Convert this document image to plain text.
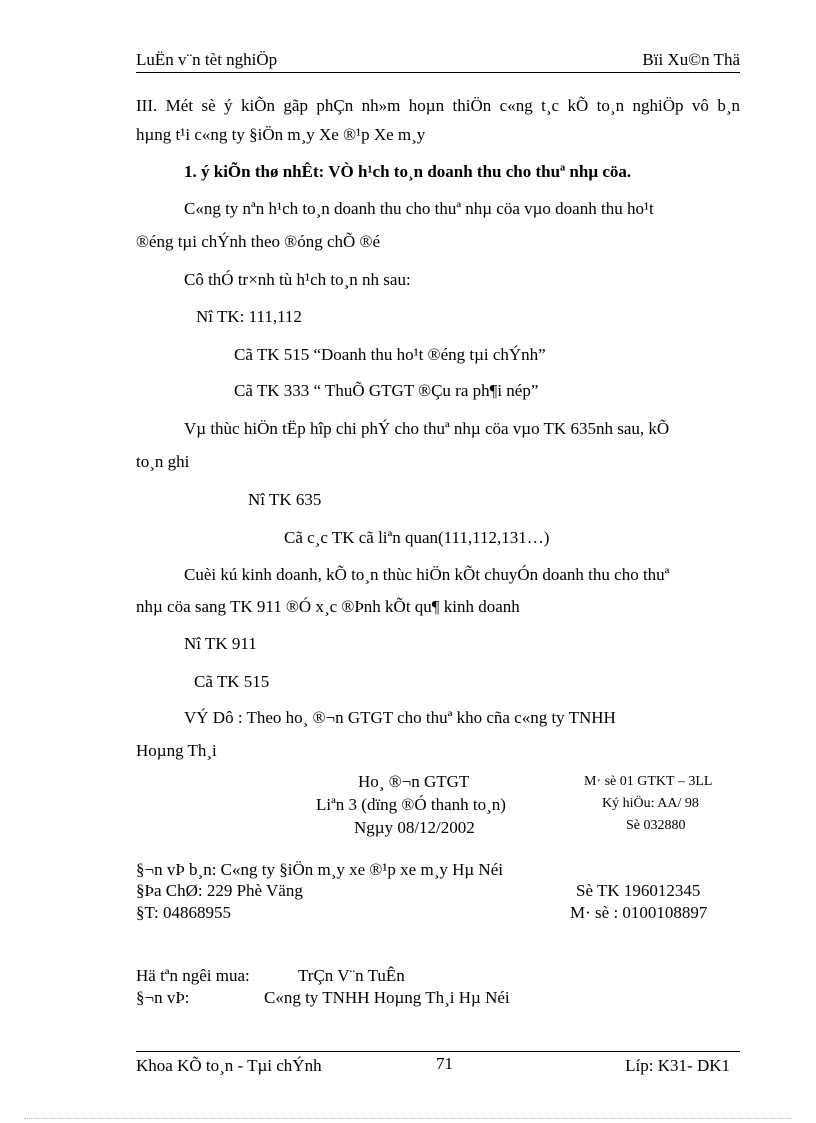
LuËn v¨n tèt nghiÖp	Bïi Xu©n Thä
III. Mét sè ý kiÕn gãp phÇn nh»m hoµn thiÖn c«ng t¸c kÕ to¸n nghiÖp vô b¸n
hµng t¹i c«ng ty §iÖn m¸y Xe ®¹p Xe m¸y
1. ý kiÕn thø nhÊt: VÒ h¹ch to¸n doanh thu cho thuª nhµ cöa.
C«ng ty nªn h¹ch to¸n doanh thu cho thuª nhµ cöa vµo doanh thu ho¹t
®éng tµi chÝnh theo ®óng chÕ ®é
Cô thÓ tr×nh tù h¹ch to¸n nh sau:
Nî TK: 111,112
Cã TK 515 “Doanh thu ho¹t ®éng tµi chÝnh”
Cã TK 333 “ ThuÕ GTGT ®Çu ra ph¶i nép”
Vµ thùc hiÖn tËp hîp chi phÝ cho thuª nhµ cöa vµo TK 635nh sau, kÕ
to¸n ghi
Nî TK 635
Cã c¸c TK cã liªn quan(111,112,131…)
Cuèi kú kinh doanh, kÕ to¸n thùc hiÖn kÕt chuyÓn doanh thu cho thuª
nhµ cöa sang TK 911 ®Ó x¸c ®Þnh kÕt qu¶ kinh doanh
Nî TK 911
Cã TK 515
VÝ Dô : Theo ho¸ ®¬n GTGT cho thuª kho cña c«ng ty TNHH
Hoµng Th¸i
Ho¸ ®¬n GTGT
Liªn 3 (dïng ®Ó thanh to¸n)
Ngµy 08/12/2002
M· sè 01 GTKT – 3LL
Ký hiÖu: AA/ 98
Sè 032880
§¬n vÞ b¸n: C«ng ty §iÖn m¸y xe ®¹p xe m¸y Hµ Néi
§Þa ChØ: 229 Phè Väng	Sè TK 196012345
§T: 04868955	M· sè : 0100108897
Hä tªn ngêi mua:	TrÇn V¨n TuÊn
§¬n vÞ:	C«ng ty TNHH Hoµng Th¸i Hµ Néi
Khoa KÕ to¸n - Tµi chÝnh	71	Líp: K31- DK1
